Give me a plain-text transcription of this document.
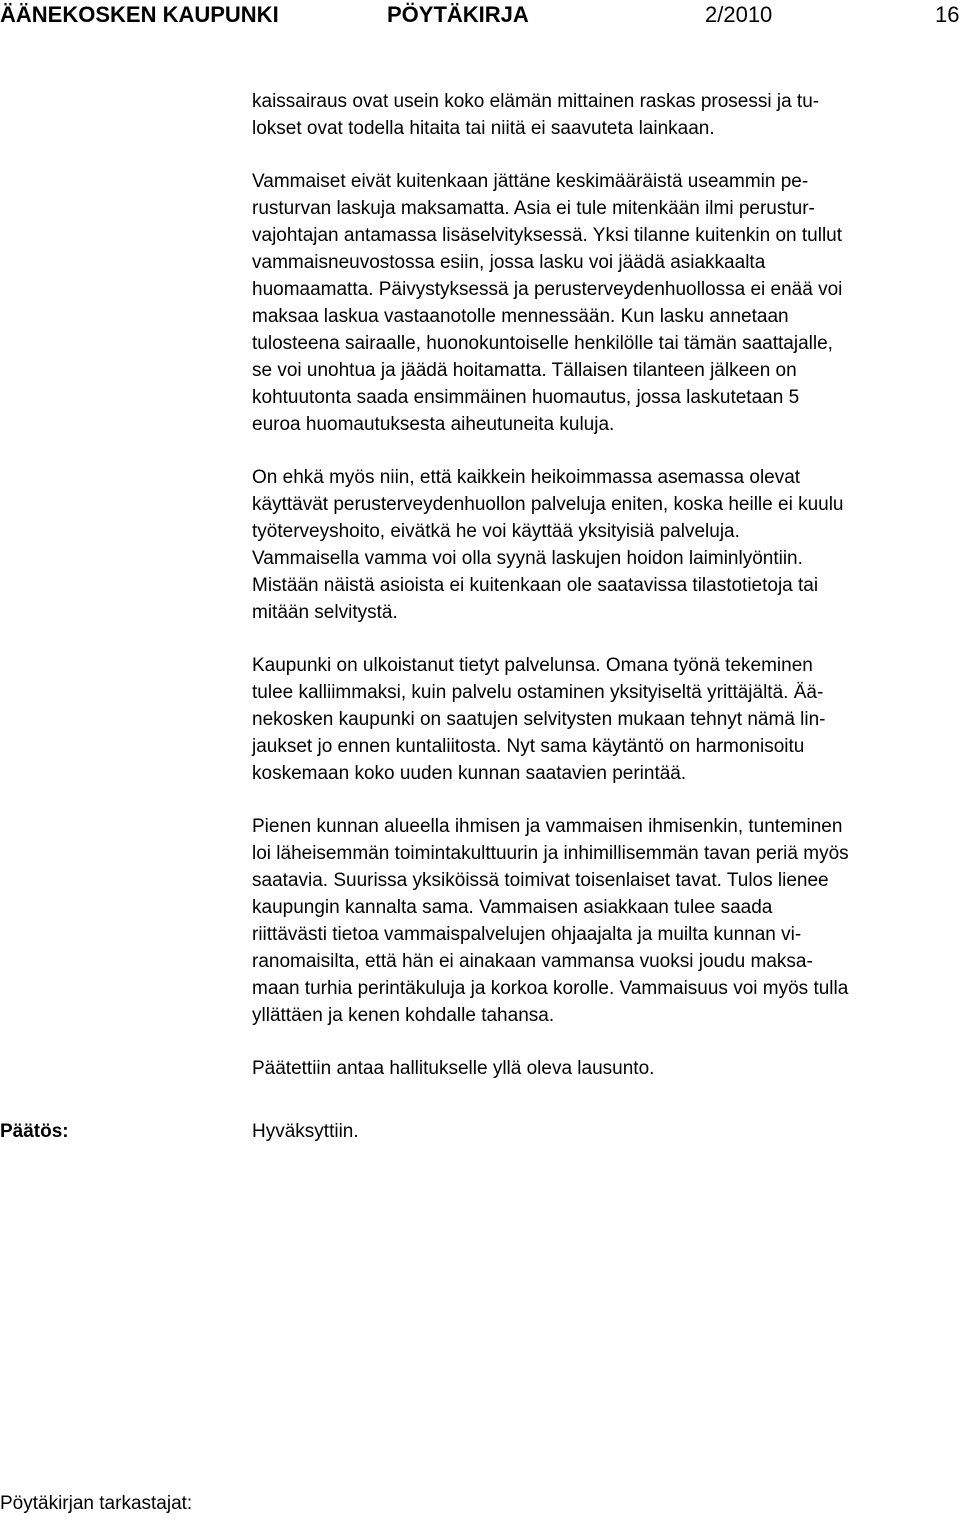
ÄÄNEKOSKEN KAUPUNKI	PÖYTÄKIRJA	2/2010	16

kaissairaus ovat usein koko elämän mittainen raskas prosessi ja tu-
lokset ovat todella hitaita tai niitä ei saavuteta lainkaan.

Vammaiset eivät kuitenkaan jättäne keskimääräistä useammin pe-
rusturvan laskuja maksamatta. Asia ei tule mitenkään ilmi perustur-
vajohtajan antamassa lisäselvityksessä. Yksi tilanne kuitenkin on tullut
vammaisneuvostossa esiin, jossa lasku voi jäädä asiakkaalta
huomaamatta. Päivystyksessä ja perusterveydenhuollossa ei enää voi
maksaa laskua vastaanotolle mennessään. Kun lasku annetaan
tulosteena sairaalle, huonokuntoiselle henkilölle tai tämän saattajalle,
se voi unohtua ja jäädä hoitamatta. Tällaisen tilanteen jälkeen on
kohtuutonta saada ensimmäinen huomautus, jossa laskutetaan 5
euroa huomautuksesta aiheutuneita kuluja.

On ehkä myös niin, että kaikkein heikoimmassa asemassa olevat
käyttävät perusterveydenhuollon palveluja eniten, koska heille ei kuulu
työterveyshoito, eivätkä he voi käyttää yksityisiä palveluja.
Vammaisella vamma voi olla syynä laskujen hoidon laiminlyöntiin.
Mistään näistä asioista ei kuitenkaan ole saatavissa tilastotietoja tai
mitään selvitystä.

Kaupunki on ulkoistanut tietyt palvelunsa. Omana työnä tekeminen
tulee kalliimmaksi, kuin palvelu ostaminen yksityiseltä yrittäjältä. Ää-
nekosken kaupunki on saatujen selvitysten mukaan tehnyt nämä lin-
jaukset jo ennen kuntaliitosta. Nyt sama käytäntö on harmonisoitu
koskemaan koko uuden kunnan saatavien perintää.

Pienen kunnan alueella ihmisen ja vammaisen ihmisenkin, tunteminen
loi läheisemmän toimintakulttuurin ja inhimillisemmän tavan periä myös
saatavia. Suurissa yksiköissä toimivat toisenlaiset tavat. Tulos lienee
kaupungin kannalta sama. Vammaisen asiakkaan tulee saada
riittävästi tietoa vammaispalvelujen ohjaajalta ja muilta kunnan vi-
ranomaisilta, että hän ei ainakaan vammansa vuoksi joudu maksa-
maan turhia perintäkuluja ja korkoa korolle. Vammaisuus voi myös tulla
yllättäen ja kenen kohdalle tahansa.

Päätettiin antaa hallitukselle yllä oleva lausunto.

Päätös:	Hyväksyttiin.
Pöytäkirjan tarkastajat:
